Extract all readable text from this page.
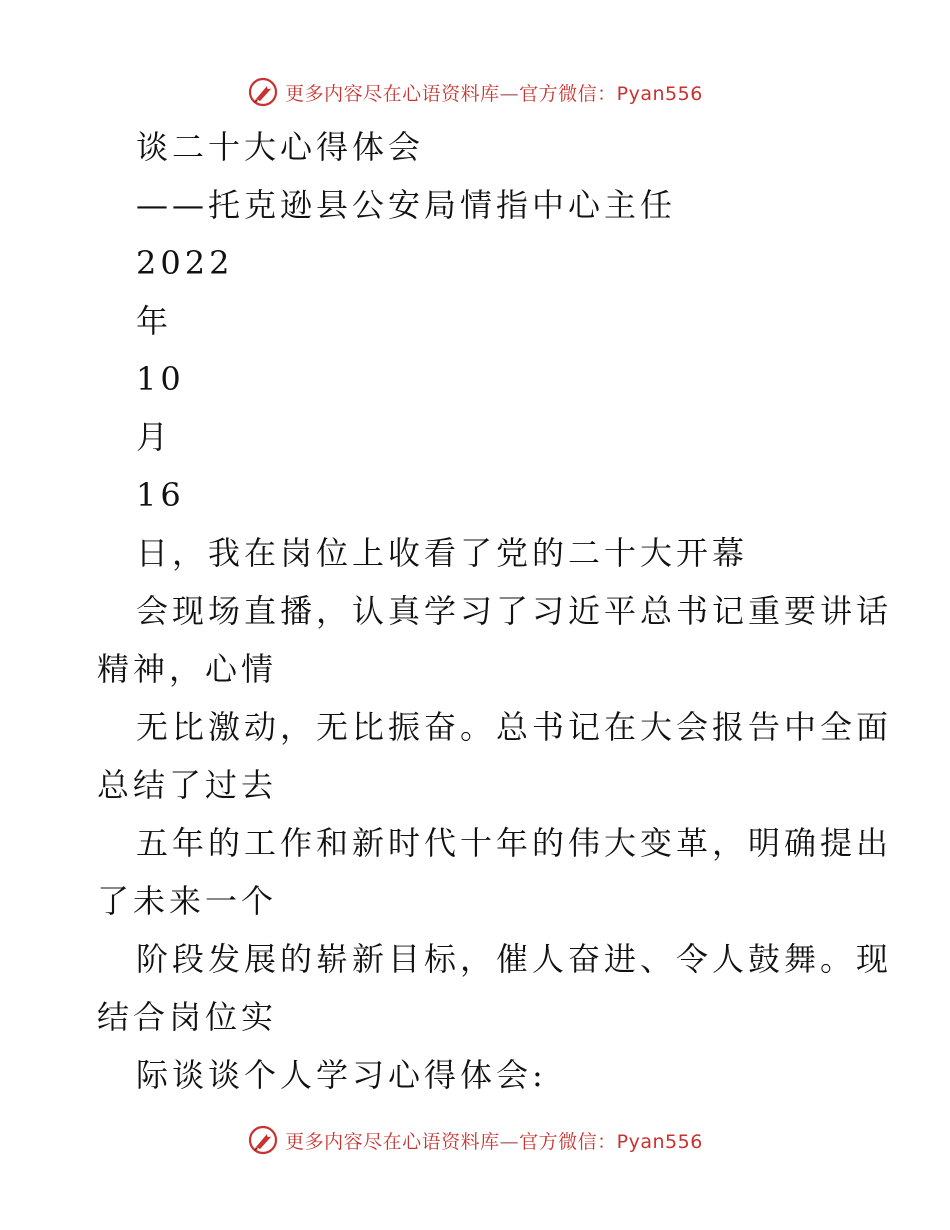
更多内容尽在心语资料库—官方微信：Pyan556
谈二十大心得体会
——托克逊县公安局情指中心主任
2022
年
10
月
16
日，我在岗位上收看了党的二十大开幕
会现场直播，认真学习了习近平总书记重要讲话
精神，心情
无比激动，无比振奋。总书记在大会报告中全面
总结了过去
五年的工作和新时代十年的伟大变革，明确提出
了未来一个
阶段发展的崭新目标，催人奋进、令人鼓舞。现
结合岗位实
际谈谈个人学习心得体会:
更多内容尽在心语资料库—官方微信：Pyan556
